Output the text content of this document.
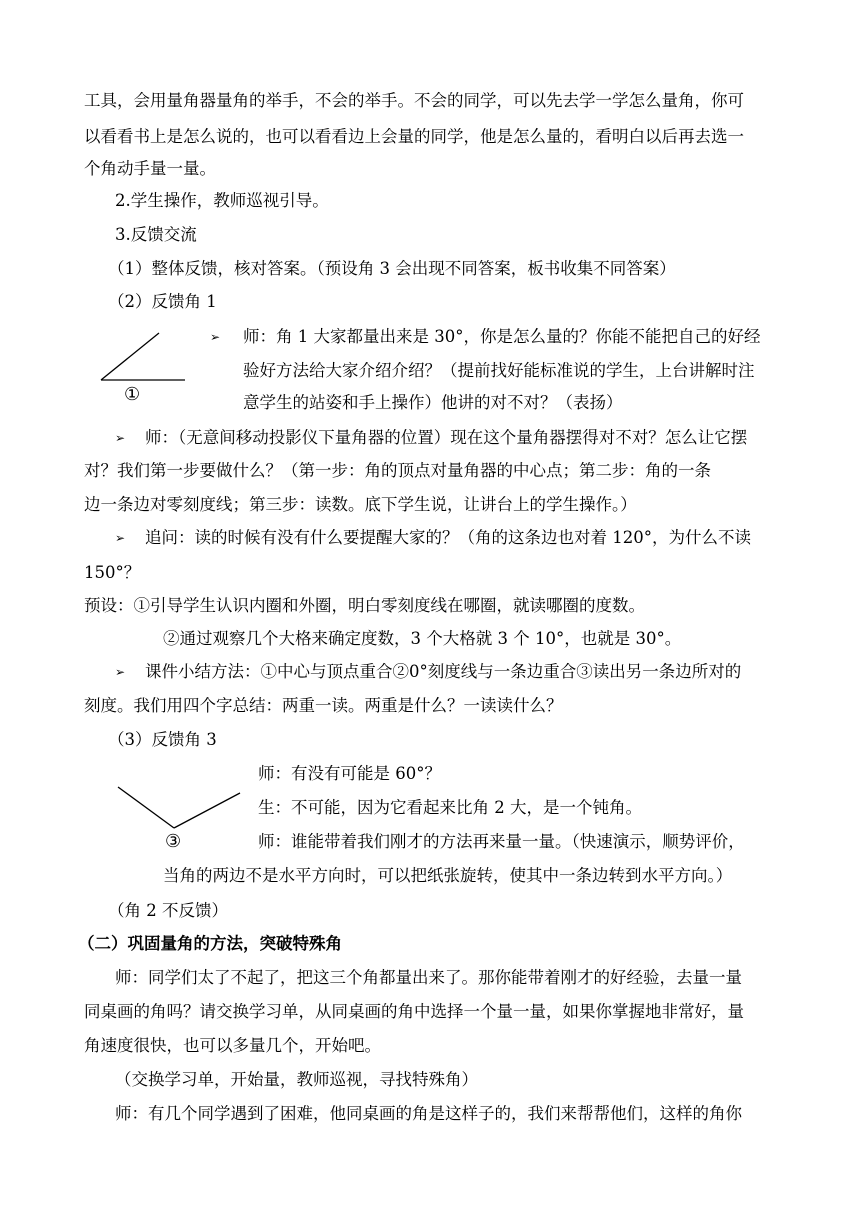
工具，会用量角器量角的举手，不会的举手。不会的同学，可以先去学一学怎么量角，你可
以看看书上是怎么说的，也可以看看边上会量的同学，他是怎么量的，看明白以后再去选一
个角动手量一量。
2.学生操作，教师巡视引导。
3.反馈交流
（1）整体反馈，核对答案。（预设角 3 会出现不同答案，板书收集不同答案）
（2）反馈角 1
①
➢ 师：角 1 大家都量出来是 30°，你是怎么量的？你能不能把自己的好经
验好方法给大家介绍介绍？（提前找好能标准说的学生，上台讲解时注
意学生的站姿和手上操作）他讲的对不对？（表扬）
➢ 师：（无意间移动投影仪下量角器的位置）现在这个量角器摆得对不对？怎么让它摆
对？我们第一步要做什么？（第一步：角的顶点对量角器的中心点；第二步：角的一条
边一条边对零刻度线；第三步：读数。底下学生说，让讲台上的学生操作。）
➢ 追问：读的时候有没有什么要提醒大家的？（角的这条边也对着 120°，为什么不读
150°？
预设：①引导学生认识内圈和外圈，明白零刻度线在哪圈，就读哪圈的度数。
②通过观察几个大格来确定度数，3 个大格就 3 个 10°，也就是 30°。
➢ 课件小结方法：①中心与顶点重合②0°刻度线与一条边重合③读出另一条边所对的
刻度。我们用四个字总结：两重一读。两重是什么？一读读什么？
（3）反馈角 3
③
师：有没有可能是 60°？
生：不可能，因为它看起来比角 2 大，是一个钝角。
师：谁能带着我们刚才的方法再来量一量。（快速演示，顺势评价，
当角的两边不是水平方向时，可以把纸张旋转，使其中一条边转到水平方向。）
（角 2 不反馈）
（二）巩固量角的方法，突破特殊角
师：同学们太了不起了，把这三个角都量出来了。那你能带着刚才的好经验，去量一量
同桌画的角吗？请交换学习单，从同桌画的角中选择一个量一量，如果你掌握地非常好，量
角速度很快，也可以多量几个，开始吧。
（交换学习单，开始量，教师巡视，寻找特殊角）
师：有几个同学遇到了困难，他同桌画的角是这样子的，我们来帮帮他们，这样的角你
